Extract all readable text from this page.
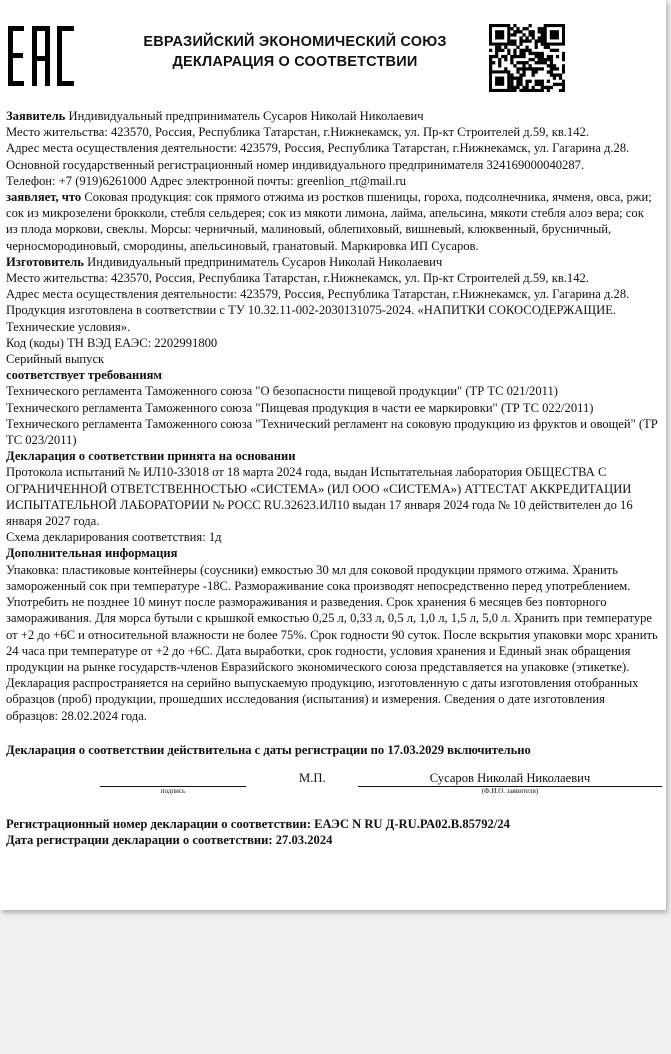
ЕВРАЗИЙСКИЙ ЭКОНОМИЧЕСКИЙ СОЮЗ
ДЕКЛАРАЦИЯ О СООТВЕТСТВИИ

Заявитель Индивидуальный предприниматель Сусаров Николай Николаевич

Место жительства: 423570, Россия, Республика Татарстан, г.Нижнекамск, ул. Пр-кт Строителей д.59, кв.142.

Адрес места осуществления деятельности: 423579, Россия, Республика Татарстан, г.Нижнекамск, ул. Гагарина д.28.

Основной государственный регистрационный номер индивидуального предпринимателя 324169000040287.

Телефон: +7 (919)6261000 Адрес электронной почты: greenlion_rt@mail.ru

заявляет, что Соковая продукция: сок прямого отжима из ростков пшеницы, гороха, подсолнечника, ячменя, овса, ржи; сок из микрозелени брокколи, стебля сельдерея; сок из мякоти лимона, лайма, апельсина, мякоти стебля алоэ вера; сок из плода моркови, свеклы. Морсы: черничный, малиновый, облепиховый, вишневый, клюквенный, брусничный, черносмородиновый, смородины, апельсиновый, гранатовый. Маркировка ИП Сусаров.

Изготовитель Индивидуальный предприниматель Сусаров Николай Николаевич

Место жительства: 423570, Россия, Республика Татарстан, г.Нижнекамск, ул. Пр-кт Строителей д.59, кв.142.

Адрес места осуществления деятельности: 423579, Россия, Республика Татарстан, г.Нижнекамск, ул. Гагарина д.28.

Продукция изготовлена в соответствии с ТУ 10.32.11-002-2030131075-2024. «НАПИТКИ СОКОСОДЕРЖАЩИЕ. Технические условия».

Код (коды) ТН ВЭД ЕАЭС: 2202991800

Серийный выпуск

соответствует требованиям

Технического регламента Таможенного союза "О безопасности пищевой продукции" (ТР ТС 021/2011)

Технического регламента Таможенного союза "Пищевая продукция в части ее маркировки" (ТР ТС 022/2011)

Технического регламента Таможенного союза "Технический регламент на соковую продукцию из фруктов и овощей" (ТР ТС 023/2011)

Декларация о соответствии принята на основании

Протокола испытаний № ИЛ10-33018 от 18 марта 2024 года, выдан Испытательная лаборатория ОБЩЕСТВА С ОГРАНИЧЕННОЙ ОТВЕТСТВЕННОСТЬЮ «СИСТЕМА» (ИЛ ООО «СИСТЕМА») АТТЕСТАТ АККРЕДИТАЦИИ ИСПЫТАТЕЛЬНОЙ ЛАБОРАТОРИИ № РОСС RU.32623.ИЛ10 выдан 17 января 2024 года № 10 действителен до 16 января 2027 года.

Схема декларирования соответствия: 1д

Дополнительная информация

Упаковка: пластиковые контейнеры (соусники) емкостью 30 мл для соковой продукции прямого отжима. Хранить замороженный сок при температуре -18С. Размораживание сока производят непосредственно перед употреблением. Употребить не позднее 10 минут после размораживания и разведения. Срок хранения 6 месяцев без повторного замораживания. Для морса бутыли с крышкой емкостью 0,25 л, 0,33 л, 0,5 л, 1,0 л, 1,5 л, 5,0 л. Хранить при температуре от +2 до +6С и относительной влажности не более 75%. Срок годности 90 суток. После вскрытия упаковки морс хранить 24 часа при температуре от +2 до +6С. Дата выработки, срок годности, условия хранения и Единый знак обращения продукции на рынке государств-членов Евразийского экономического союза представляется на упаковке (этикетке). Декларация распространяется на серийно выпускаемую продукцию, изготовленную с даты изготовления отобранных образцов (проб) продукции, прошедших исследования (испытания) и измерения. Сведения о дате изготовления образцов: 28.02.2024 года.

Декларация о соответствии действительна с даты регистрации по 17.03.2029 включительно

подпись
М.П.	Сусаров Николай Николаевич
(Ф.И.О. заявителя)

Регистрационный номер декларации о соответствии: ЕАЭС N RU Д-RU.РА02.В.85792/24

Дата регистрации декларации о соответствии: 27.03.2024
